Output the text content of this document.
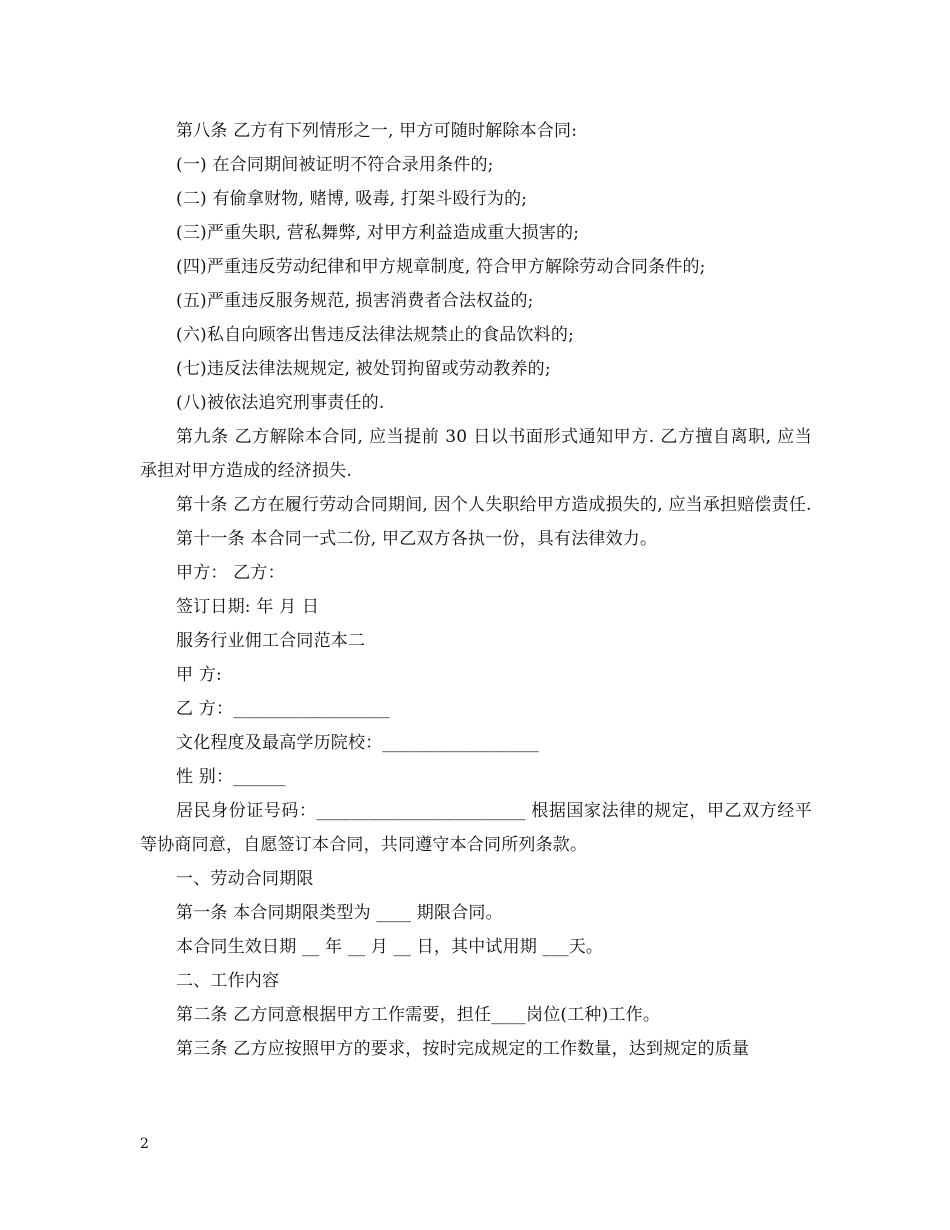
第八条 乙方有下列情形之一, 甲方可随时解除本合同:
(一) 在合同期间被证明不符合录用条件的;
(二) 有偷拿财物, 赌博, 吸毒, 打架斗殴行为的;
(三)严重失职, 营私舞弊, 对甲方利益造成重大损害的;
(四)严重违反劳动纪律和甲方规章制度, 符合甲方解除劳动合同条件的;
(五)严重违反服务规范, 损害消费者合法权益的;
(六)私自向顾客出售违反法律法规禁止的食品饮料的;
(七)违反法律法规规定, 被处罚拘留或劳动教养的;
(八)被依法追究刑事责任的.
第九条 乙方解除本合同, 应当提前 30 日以书面形式通知甲方. 乙方擅自离职, 应当承担对甲方造成的经济损失.
第十条 乙方在履行劳动合同期间, 因个人失职给甲方造成损失的, 应当承担赔偿责任.
第十一条 本合同一式二份, 甲乙双方各执一份，具有法律效力。
甲方： 乙方：
签订日期: 年 月 日
服务行业佣工合同范本二
甲 方:
乙 方：__________________
文化程度及最高学历院校：__________________
性 别：______
居民身份证号码：________________________ 根据国家法律的规定，甲乙双方经平等协商同意，自愿签订本合同，共同遵守本合同所列条款。
一、劳动合同期限
第一条 本合同期限类型为 ____ 期限合同。
本合同生效日期 __ 年 __ 月 __ 日，其中试用期 ___天。
二、工作内容
第二条 乙方同意根据甲方工作需要，担任____岗位(工种)工作。
第三条 乙方应按照甲方的要求，按时完成规定的工作数量，达到规定的质量
2
